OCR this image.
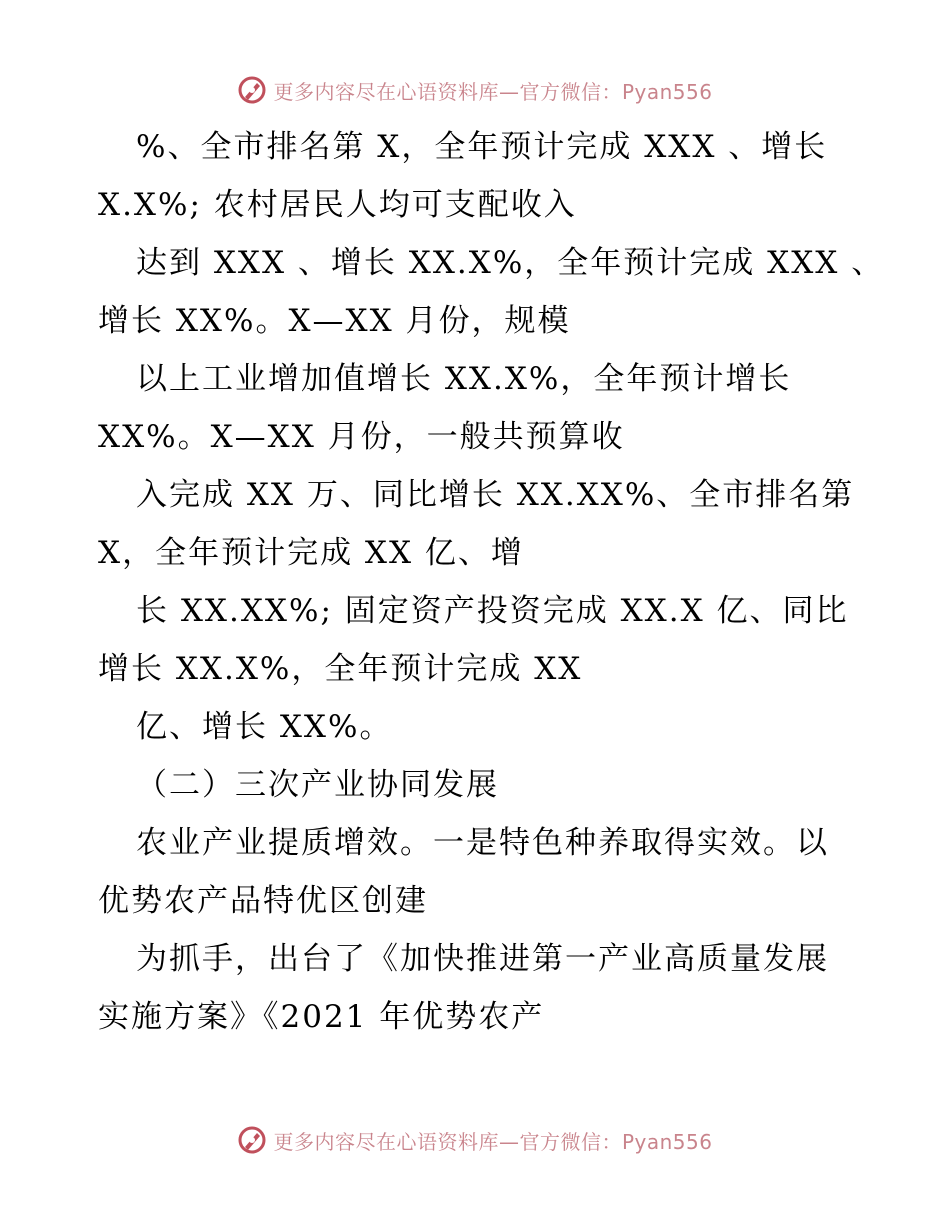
更多内容尽在心语资料库—官方微信：Pyan556
%、全市排名第 X，全年预计完成 XXX 、增长
X.X%; 农村居民人均可支配收入
达到 XXX 、增长 XX.X%，全年预计完成 XXX 、
增长 XX%。X—XX 月份，规模
以上工业增加值增长 XX.X%，全年预计增长
XX%。X—XX 月份，一般共预算收
入完成 XX 万、同比增长 XX.XX%、全市排名第
X，全年预计完成 XX 亿、增
长 XX.XX%; 固定资产投资完成 XX.X 亿、同比
增长 XX.X%，全年预计完成 XX
亿、增长 XX%。
（二）三次产业协同发展
农业产业提质增效。一是特色种养取得实效。以
优势农产品特优区创建
为抓手，出台了《加快推进第一产业高质量发展
实施方案》《2021 年优势农产
更多内容尽在心语资料库—官方微信：Pyan556
